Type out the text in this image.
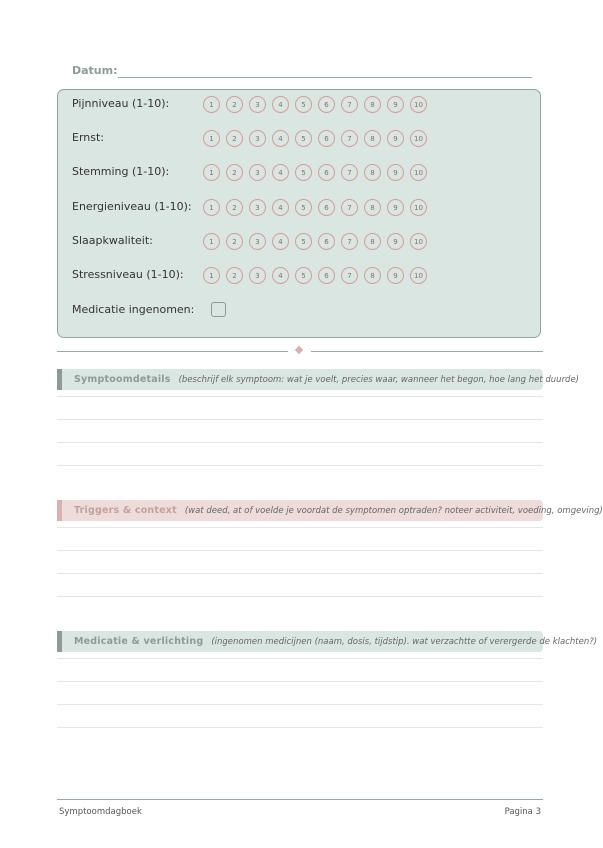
Datum:
Pijnniveau (1-10):	1	2	3	4	5	6	7	8	9	10
Ernst:	1	2	3	4	5	6	7	8	9	10
Stemming (1-10):	1	2	3	4	5	6	7	8	9	10
Energieniveau (1-10):	1	2	3	4	5	6	7	8	9	10
Slaapkwaliteit:	1	2	3	4	5	6	7	8	9	10
Stressniveau (1-10):	1	2	3	4	5	6	7	8	9	10
Medicatie ingenomen:
Symptoomdetails (beschrijf elk symptoom: wat je voelt, precies waar, wanneer het begon, hoe lang het duurde)
Triggers & context (wat deed, at of voelde je voordat de symptomen optraden? noteer activiteit, voeding, omgeving)
Medicatie & verlichting (ingenomen medicijnen (naam, dosis, tijdstip). wat verzachtte of verergerde de klachten?)
Symptoomdagboek	Pagina 3
